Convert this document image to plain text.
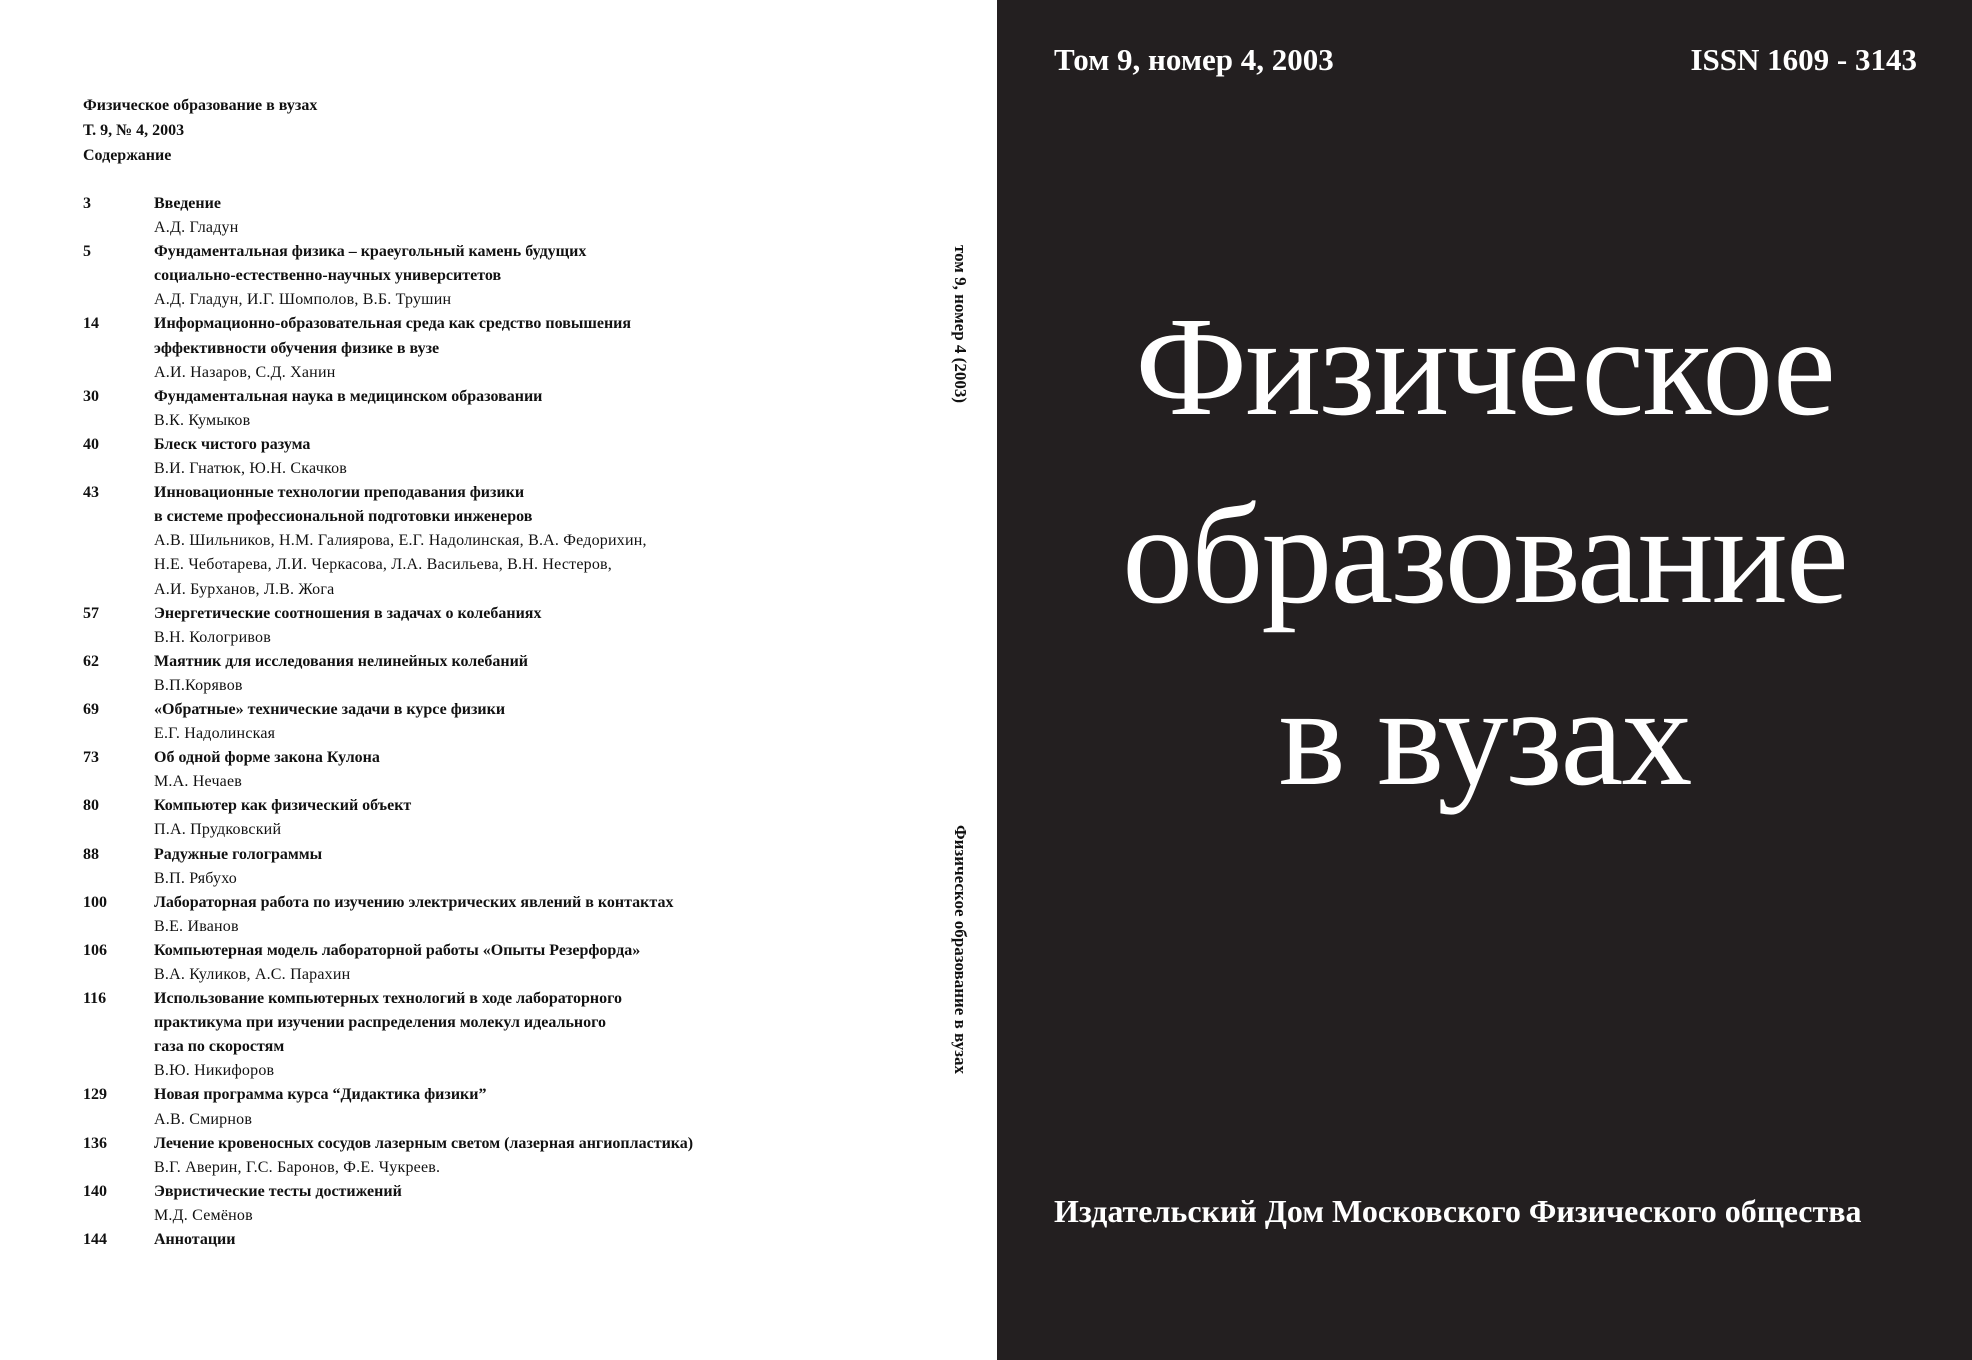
Физическое образование в вузах
Т. 9, № 4, 2003
Содержание
3	Введение
А.Д. Гладун
5	Фундаментальная физика – краеугольный камень будущих
социально-естественно-научных университетов
А.Д. Гладун, И.Г. Шомполов, В.Б. Трушин
14	Информационно-образовательная среда как средство повышения
эффективности обучения физике в вузе
А.И. Назаров, С.Д. Ханин
30	Фундаментальная наука в медицинском образовании
В.К. Кумыков
40	Блеск чистого разума
В.И. Гнатюк, Ю.Н. Скачков
43	Инновационные технологии преподавания физики
в системе профессиональной подготовки инженеров
А.В. Шильников, Н.М. Галиярова, Е.Г. Надолинская, В.А. Федорихин,
Н.Е. Чеботарева, Л.И. Черкасова, Л.А. Васильева, В.Н. Нестеров,
А.И. Бурханов, Л.В. Жога
57	Энергетические соотношения в задачах о колебаниях
В.Н. Кологривов
62	Маятник для исследования нелинейных колебаний
В.П.Корявов
69	«Обратные» технические задачи в курсе физики
Е.Г. Надолинская
73	Об одной форме закона Кулона
М.А. Нечаев
80	Компьютер как физический объект
П.А. Прудковский
88	Радужные голограммы
В.П. Рябухо
100	Лабораторная работа по изучению электрических явлений в контактах
В.Е. Иванов
106	Компьютерная модель лабораторной работы «Опыты Резерфорда»
В.А. Куликов, А.С. Парахин
116	Использование компьютерных технологий в ходе лабораторного
практикума при изучении распределения молекул идеального
газа по скоростям
В.Ю. Никифоров
129	Новая программа курса “Дидактика физики”
А.В. Смирнов
136	Лечение кровеносных сосудов лазерным светом (лазерная ангиопластика)
В.Г. Аверин, Г.С. Баронов, Ф.Е. Чукреев.
140	Эвристические тесты достижений
М.Д. Семёнов
144	Аннотации
том 9, номер 4 (2003)
Физическое образование в вузах
Том 9, номер 4, 2003	ISSN 1609 - 3143
Физическое
образование
в вузах
Издательский Дом Московского Физического общества
